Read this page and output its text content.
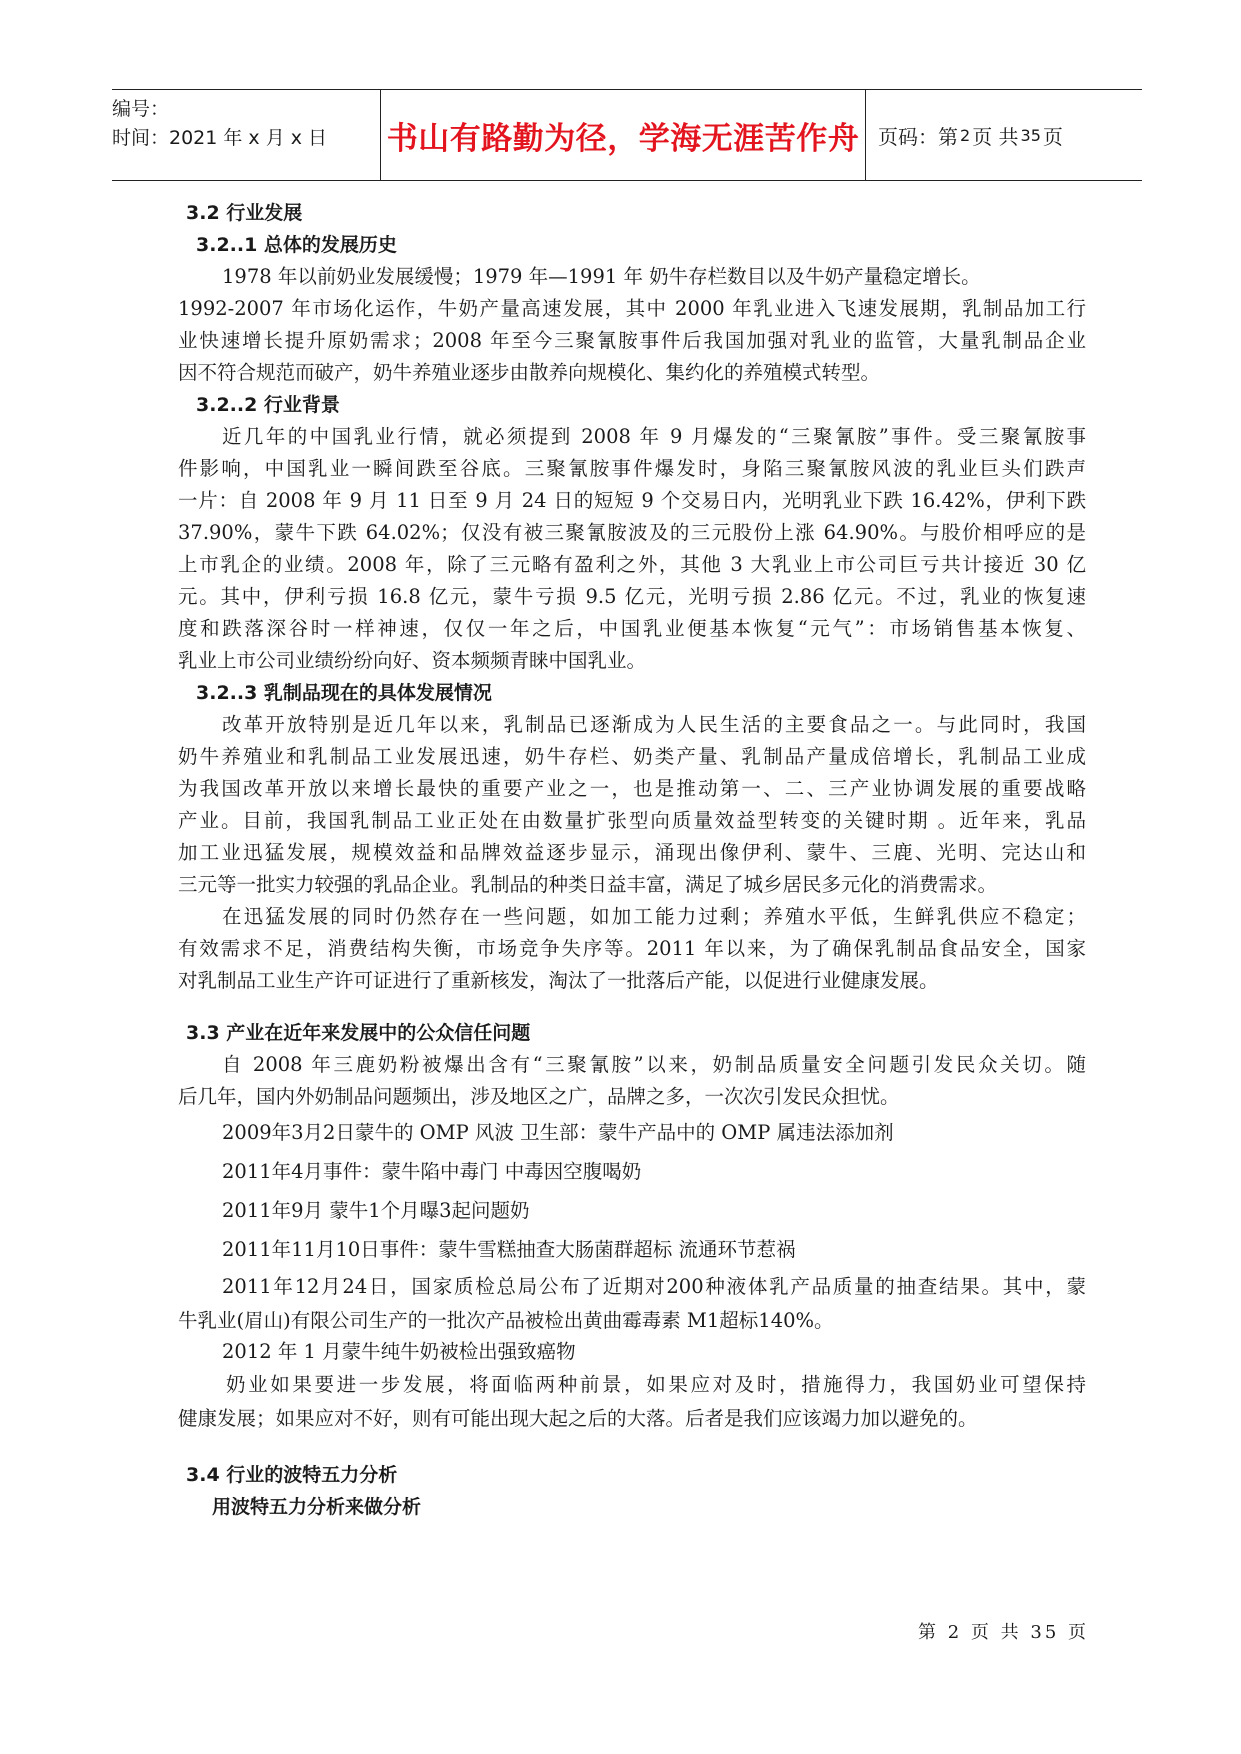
编号：
时间：2021 年 x 月 x 日	书山有路勤为径，学海无涯苦作舟 页码：第 2 页 共 35 页
3.2 行业发展
3.2..1 总体的发展历史
1978 年以前奶业发展缓慢；1979 年—1991 年 奶牛存栏数目以及牛奶产量稳定增长。
1992-2007 年市场化运作，牛奶产量高速发展，其中 2000 年乳业进入飞速发展期，乳制品加工行
业快速增长提升原奶需求；2008 年至今三聚氰胺事件后我国加强对乳业的监管，大量乳制品企业
因不符合规范而破产，奶牛养殖业逐步由散养向规模化、集约化的养殖模式转型。
3.2..2 行业背景
近几年的中国乳业行情，就必须提到 2008 年 9 月爆发的“三聚氰胺”事件。受三聚氰胺事
件影响，中国乳业一瞬间跌至谷底。三聚氰胺事件爆发时，身陷三聚氰胺风波的乳业巨头们跌声
一片：自 2008 年 9 月 11 日至 9 月 24 日的短短 9 个交易日内，光明乳业下跌 16.42%，伊利下跌
37.90%，蒙牛下跌 64.02%；仅没有被三聚氰胺波及的三元股份上涨 64.90%。与股价相呼应的是
上市乳企的业绩。2008 年，除了三元略有盈利之外，其他 3 大乳业上市公司巨亏共计接近 30 亿
元。其中，伊利亏损 16.8 亿元，蒙牛亏损 9.5 亿元，光明亏损 2.86 亿元。不过，乳业的恢复速
度和跌落深谷时一样神速，仅仅一年之后，中国乳业便基本恢复“元气”：市场销售基本恢复、
乳业上市公司业绩纷纷向好、资本频频青睐中国乳业。
3.2..3 乳制品现在的具体发展情况
改革开放特别是近几年以来，乳制品已逐渐成为人民生活的主要食品之一。与此同时，我国
奶牛养殖业和乳制品工业发展迅速，奶牛存栏、奶类产量、乳制品产量成倍增长，乳制品工业成
为我国改革开放以来增长最快的重要产业之一，也是推动第一、二、三产业协调发展的重要战略
产业。目前，我国乳制品工业正处在由数量扩张型向质量效益型转变的关键时期 。近年来，乳品
加工业迅猛发展，规模效益和品牌效益逐步显示，涌现出像伊利、蒙牛、三鹿、光明、完达山和
三元等一批实力较强的乳品企业。乳制品的种类日益丰富，满足了城乡居民多元化的消费需求。
在迅猛发展的同时仍然存在一些问题，如加工能力过剩；养殖水平低，生鲜乳供应不稳定；
有效需求不足，消费结构失衡，市场竞争失序等。2011 年以来，为了确保乳制品食品安全，国家
对乳制品工业生产许可证进行了重新核发，淘汰了一批落后产能，以促进行业健康发展。
3.3 产业在近年来发展中的公众信任问题
自 2008 年三鹿奶粉被爆出含有“三聚氰胺”以来，奶制品质量安全问题引发民众关切。随
后几年，国内外奶制品问题频出，涉及地区之广，品牌之多，一次次引发民众担忧。
2009年3月2日蒙牛的 OMP 风波 卫生部：蒙牛产品中的 OMP 属违法添加剂
2011年4月事件：蒙牛陷中毒门 中毒因空腹喝奶
2011年9月 蒙牛1个月曝3起问题奶
2011年11月10日事件：蒙牛雪糕抽查大肠菌群超标 流通环节惹祸
2011年12月24日，国家质检总局公布了近期对200种液体乳产品质量的抽查结果。其中，蒙
牛乳业(眉山)有限公司生产的一批次产品被检出黄曲霉毒素 M1超标140%。
2012 年 1 月蒙牛纯牛奶被检出强致癌物
奶业如果要进一步发展，将面临两种前景，如果应对及时，措施得力，我国奶业可望保持
健康发展；如果应对不好，则有可能出现大起之后的大落。后者是我们应该竭力加以避免的。
3.4 行业的波特五力分析
用波特五力分析来做分析
第 2 页 共 35 页
